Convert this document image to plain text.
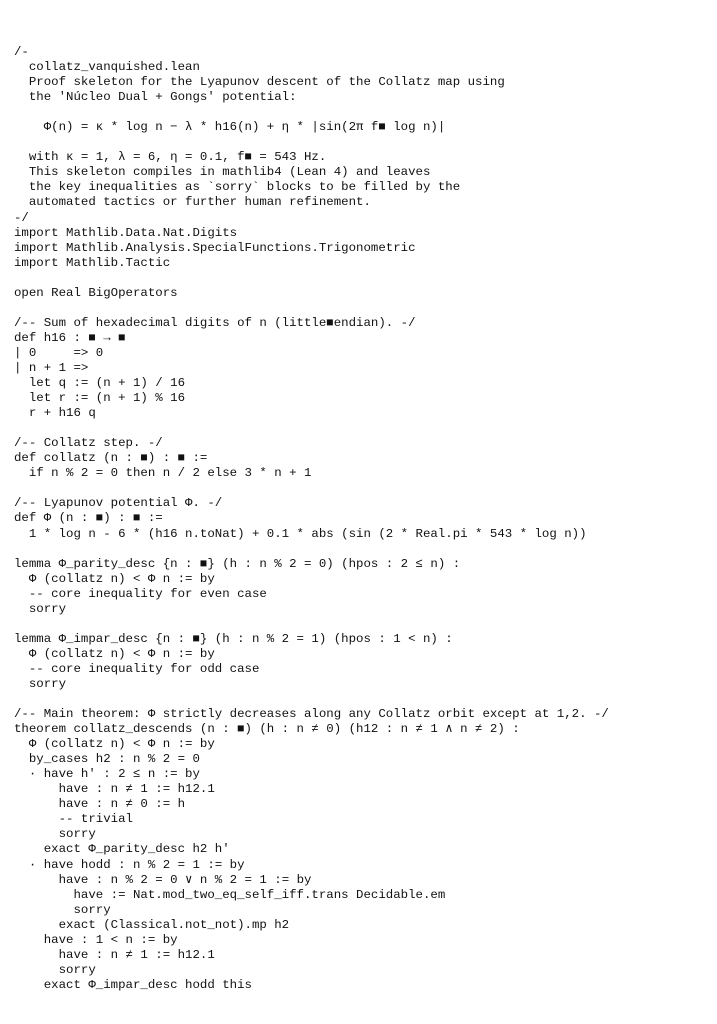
/-
collatz_vanquished.lean
Proof skeleton for the Lyapunov descent of the Collatz map using
the 'Núcleo Dual + Gongs' potential:
Φ(n) = κ * log n − λ * h16(n) + η * |sin(2π f■ log n)|
with κ = 1, λ = 6, η = 0.1, f■ = 543 Hz.
This skeleton compiles in mathlib4 (Lean 4) and leaves
the key inequalities as `sorry` blocks to be filled by the
automated tactics or further human refinement.
-/
import Mathlib.Data.Nat.Digits
import Mathlib.Analysis.SpecialFunctions.Trigonometric
import Mathlib.Tactic
open Real BigOperators
/-- Sum of hexadecimal digits of n (little■endian). -/
def h16 : ■ → ■
| 0     => 0
| n + 1 =>
let q := (n + 1) / 16
let r := (n + 1) % 16
r + h16 q
/-- Collatz step. -/
def collatz (n : ■) : ■ :=
if n % 2 = 0 then n / 2 else 3 * n + 1
/-- Lyapunov potential Φ. -/
def Φ (n : ■) : ■ :=
1 * log n - 6 * (h16 n.toNat) + 0.1 * abs (sin (2 * Real.pi * 543 * log n))
lemma Φ_parity_desc {n : ■} (h : n % 2 = 0) (hpos : 2 ≤ n) :
Φ (collatz n) < Φ n := by
-- core inequality for even case
sorry
lemma Φ_impar_desc {n : ■} (h : n % 2 = 1) (hpos : 1 < n) :
Φ (collatz n) < Φ n := by
-- core inequality for odd case
sorry
/-- Main theorem: Φ strictly decreases along any Collatz orbit except at 1,2. -/
theorem collatz_descends (n : ■) (h : n ≠ 0) (h12 : n ≠ 1 ∧ n ≠ 2) :
Φ (collatz n) < Φ n := by
by_cases h2 : n % 2 = 0
· have h' : 2 ≤ n := by
have : n ≠ 1 := h12.1
have : n ≠ 0 := h
-- trivial
sorry
exact Φ_parity_desc h2 h'
· have hodd : n % 2 = 1 := by
have : n % 2 = 0 ∨ n % 2 = 1 := by
have := Nat.mod_two_eq_self_iff.trans Decidable.em
sorry
exact (Classical.not_not).mp h2
have : 1 < n := by
have : n ≠ 1 := h12.1
sorry
exact Φ_impar_desc hodd this
